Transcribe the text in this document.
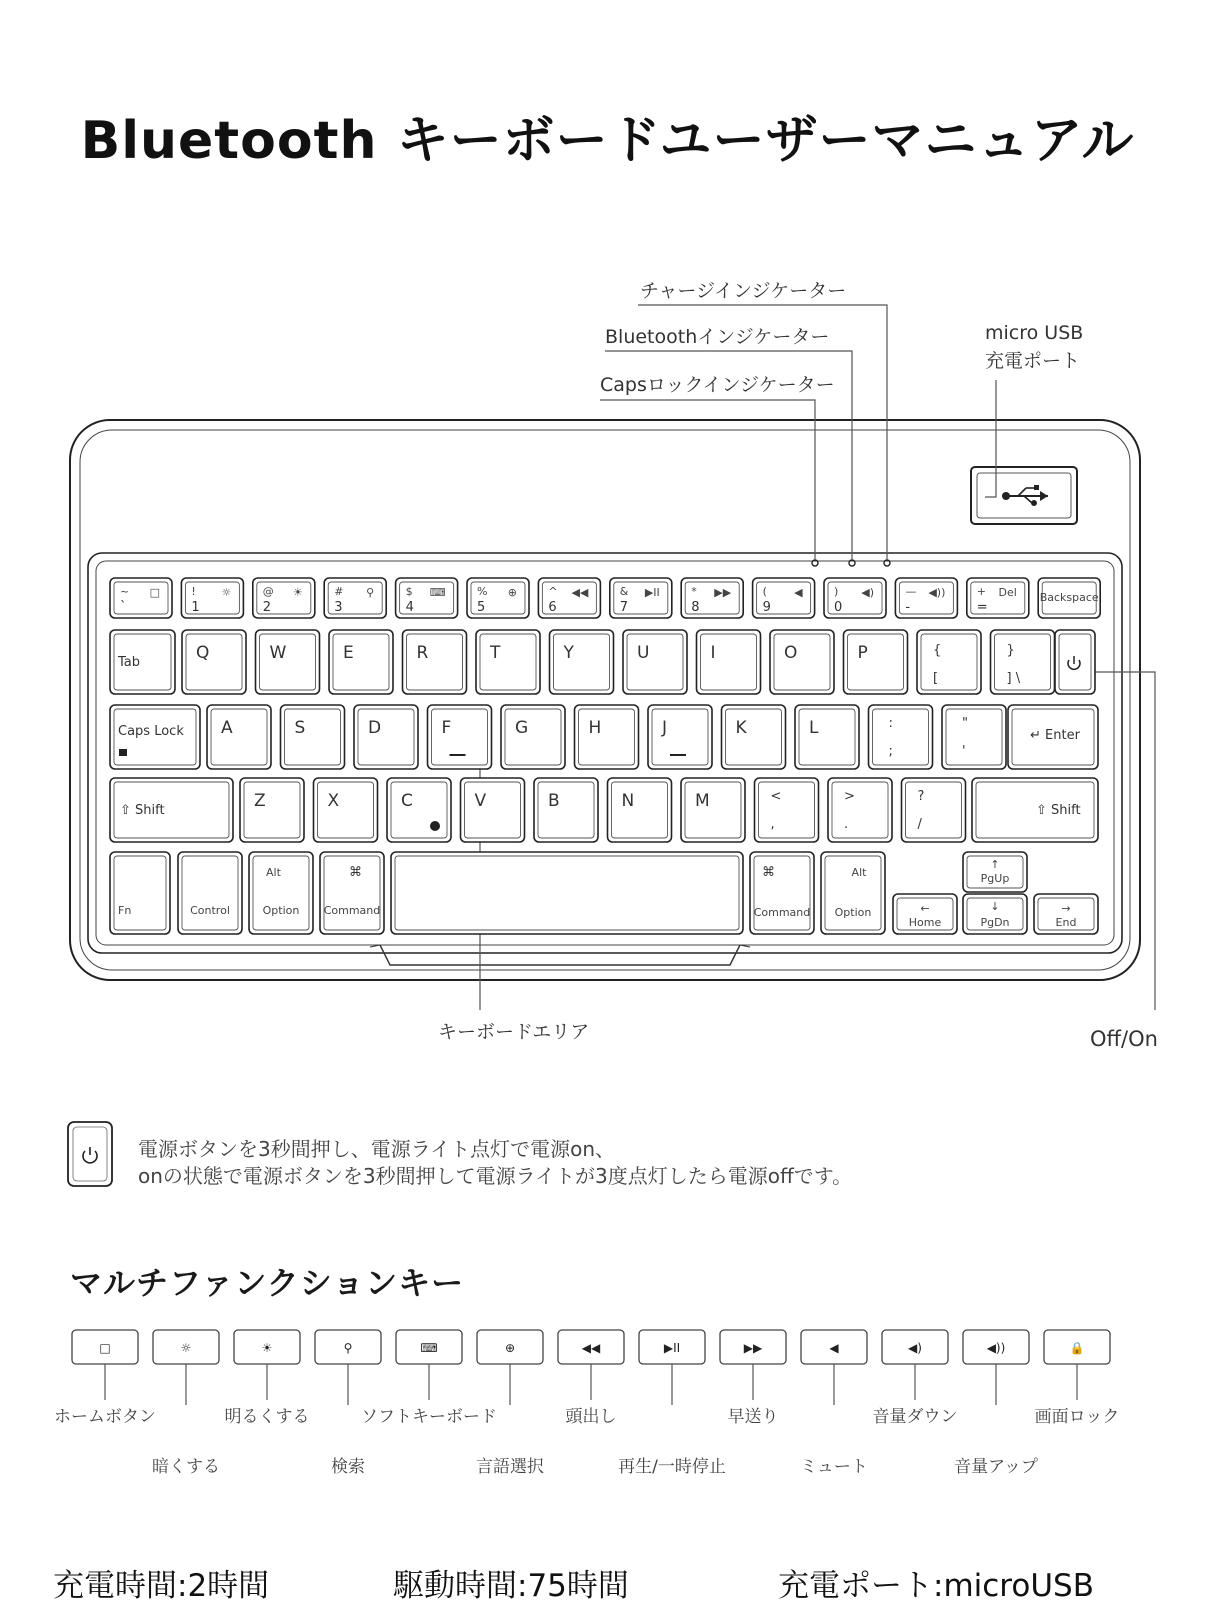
Bluetooth キーボードユーザーマニュアル
~
`
□	!
1
☼	@
2
☀	#
3
⚲	$
4
⌨	%
5
⊕	^
6
◀◀	&
7
▶II	*
8
▶▶	(
9
◀	)
0
◀)	—
-
◀))	+
=
Del Backspace
Tab	Q	W	E	R	T	Y	U	I	O	P	{
[
}
] \
Caps Lock A	S	D	F	G	H	J	K	L	:
;
"
'
↵ Enter
⇧ Shift	Z	X	C	V	B	N	M	<
,
>
.
?
/
⇧ Shift
Fn	Control
Alt
Option
⌘
Command
⌘
Command
Alt
Option	←
Home
↑
PgUp
↓
PgDn
→
End
チャージインジケーター
Bluetoothインジケーター
Capsロックインジケーター
micro USB
充電ポート
キーボードエリア	Off/On
電源ボタンを3秒間押し、電源ライト点灯で電源on、
onの状態で電源ボタンを3秒間押して電源ライトが3度点灯したら電源offです。
マルチファンクションキー
□	☼	☀	⚲	⌨	⊕	◀◀	▶II	▶▶	◀	◀)	◀))	🔒
ホームボタン
暗くする
明るくする
検索
ソフトキーボード
言語選択
頭出し
再生/一時停止
早送り
ミュート
音量ダウン
音量アップ
画面ロック
充電時間:2時間	駆動時間:75時間	充電ポート:microUSB
